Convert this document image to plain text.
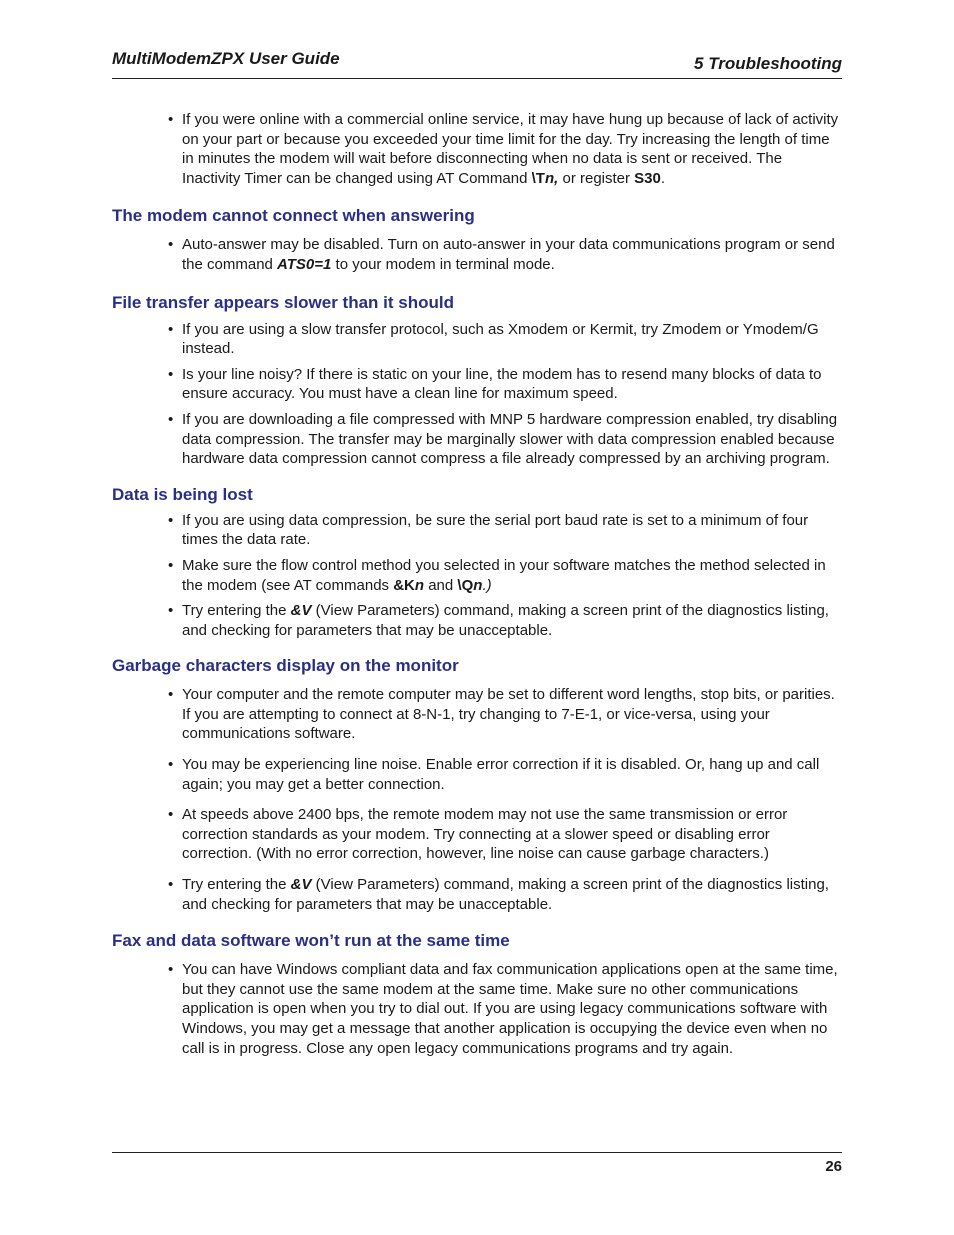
MultiModemZPX User Guide	5 Troubleshooting
• If you were online with a commercial online service, it may have hung up because of lack of activity on your part or because you exceeded your time limit for the day. Try increasing the length of time in minutes the modem will wait before disconnecting when no data is sent or received. The Inactivity Timer can be changed using AT Command \Tn, or register S30.
The modem cannot connect when answering
• Auto-answer may be disabled. Turn on auto-answer in your data communications program or send the command ATS0=1 to your modem in terminal mode.
File transfer appears slower than it should
• If you are using a slow transfer protocol, such as Xmodem or Kermit, try Zmodem or Ymodem/G instead.
• Is your line noisy? If there is static on your line, the modem has to resend many blocks of data to ensure accuracy. You must have a clean line for maximum speed.
• If you are downloading a file compressed with MNP 5 hardware compression enabled, try disabling data compression. The transfer may be marginally slower with data compression enabled because hardware data compression cannot compress a file already compressed by an archiving program.
Data is being lost
• If you are using data compression, be sure the serial port baud rate is set to a minimum of four times the data rate.
• Make sure the flow control method you selected in your software matches the method selected in the modem (see AT commands &Kn and \Qn.)
• Try entering the &V (View Parameters) command, making a screen print of the diagnostics listing, and checking for parameters that may be unacceptable.
Garbage characters display on the monitor
• Your computer and the remote computer may be set to different word lengths, stop bits, or parities. If you are attempting to connect at 8-N-1, try changing to 7-E-1, or vice-versa, using your communications software.
• You may be experiencing line noise. Enable error correction if it is disabled. Or, hang up and call again; you may get a better connection.
• At speeds above 2400 bps, the remote modem may not use the same transmission or error correction standards as your modem. Try connecting at a slower speed or disabling error correction. (With no error correction, however, line noise can cause garbage characters.)
• Try entering the &V (View Parameters) command, making a screen print of the diagnostics listing, and checking for parameters that may be unacceptable.
Fax and data software won’t run at the same time
• You can have Windows compliant data and fax communication applications open at the same time, but they cannot use the same modem at the same time. Make sure no other communications application is open when you try to dial out. If you are using legacy communications software with Windows, you may get a message that another application is occupying the device even when no call is in progress. Close any open legacy communications programs and try again.
26
